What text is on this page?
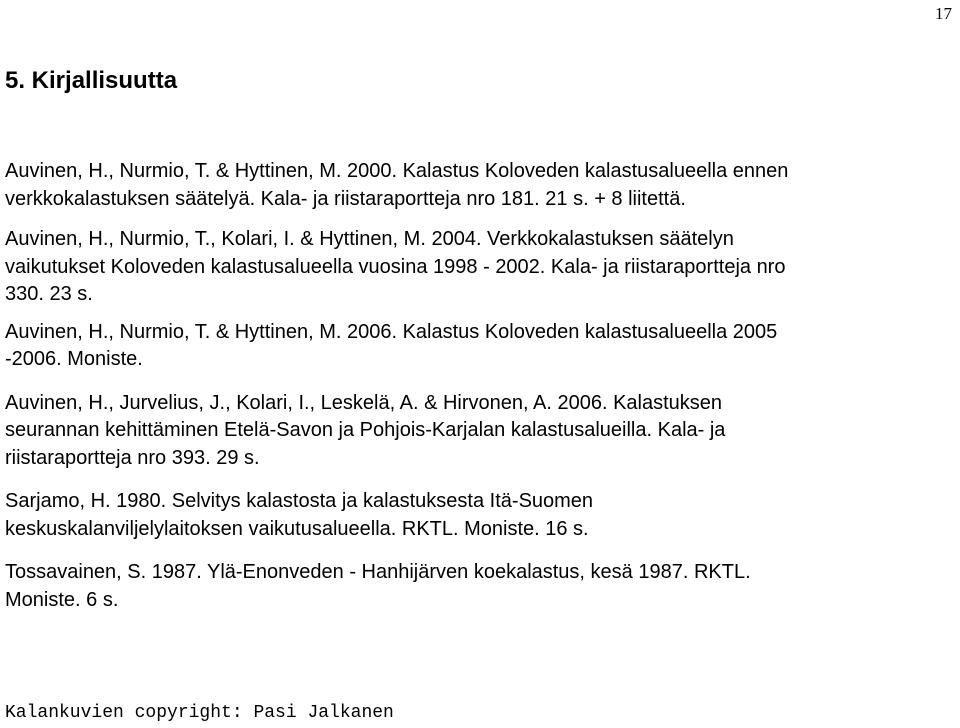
17
5. Kirjallisuutta

Auvinen, H., Nurmio, T. & Hyttinen, M. 2000. Kalastus Koloveden kalastusalueella ennen
verkkokalastuksen säätelyä. Kala- ja riistaraportteja nro 181. 21 s. + 8 liitettä.

Auvinen, H., Nurmio, T., Kolari, I. & Hyttinen, M. 2004. Verkkokalastuksen säätelyn
vaikutukset Koloveden kalastusalueella vuosina 1998 - 2002. Kala- ja riistaraportteja nro
330. 23 s.

Auvinen, H., Nurmio, T. & Hyttinen, M. 2006. Kalastus Koloveden kalastusalueella 2005
-2006. Moniste.

Auvinen, H., Jurvelius, J., Kolari, I., Leskelä, A. & Hirvonen, A. 2006. Kalastuksen
seurannan kehittäminen Etelä-Savon ja Pohjois-Karjalan kalastusalueilla. Kala- ja
riistaraportteja nro 393. 29 s.

Sarjamo, H. 1980. Selvitys kalastosta ja kalastuksesta Itä-Suomen
keskuskalanviljelylaitoksen vaikutusalueella. RKTL. Moniste. 16 s.

Tossavainen, S. 1987. Ylä-Enonveden - Hanhijärven koekalastus, kesä 1987. RKTL.
Moniste. 6 s.

Kalankuvien copyright: Pasi Jalkanen
